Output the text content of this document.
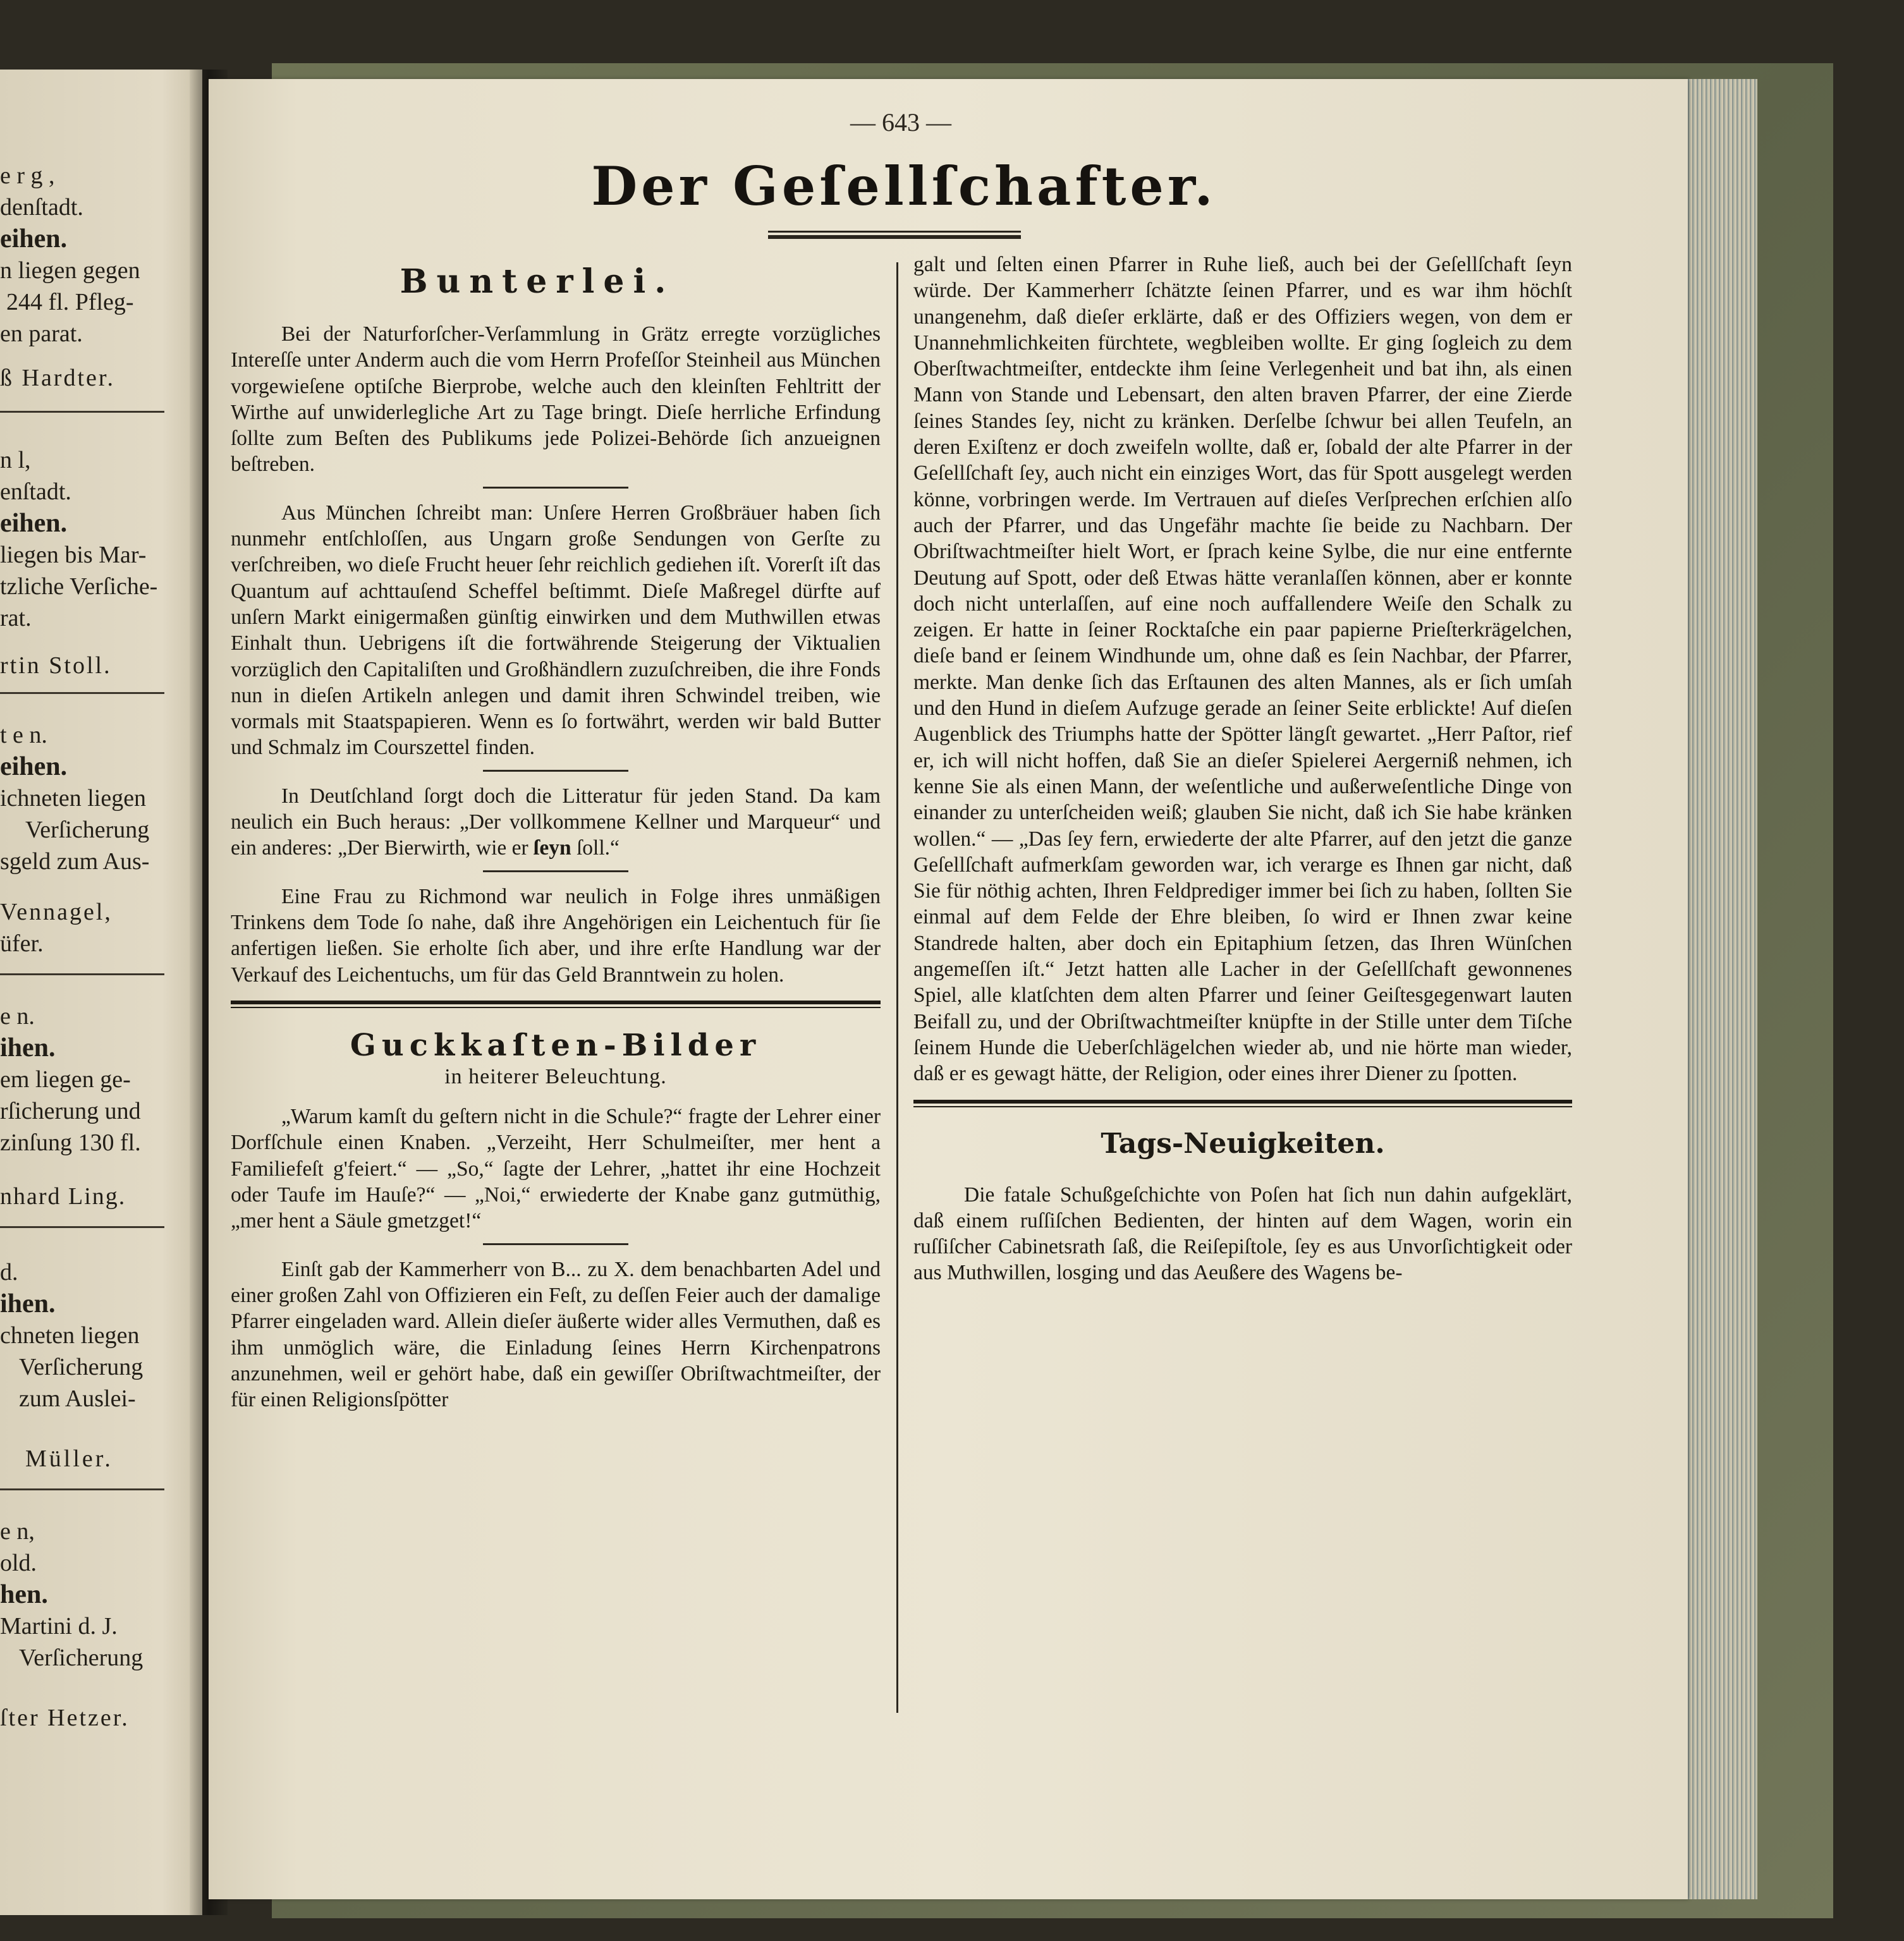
e r g ,
denſtadt.
eihen.
n liegen gegen
244 fl. Pfleg-
en parat.
ß Hardter.
n l,
enſtadt.
eihen.
liegen bis Mar-
tzliche Verſiche-
rat.
rtin Stoll.
t e n.
eihen.
ichneten liegen
Verſicherung
sgeld zum Aus-
Vennagel,
üfer.
e n.
ihen.
em liegen ge-
rſicherung und
zinſung 130 fl.
nhard Ling.
d.
ihen.
chneten liegen
Verſicherung
zum Auslei-
Müller.
e n,
old.
hen.
Martini d. J.
Verſicherung
ſter Hetzer.
— 643 —
Der Geſellſchafter.
Bunterlei.

Bei der Naturforſcher-Verſammlung in Grätz erregte vorzügliches Intereſſe unter Anderm auch die vom Herrn Profeſſor Steinheil aus München vorgewieſene optiſche Bierprobe, welche auch den kleinſten Fehltritt der Wirthe auf unwiderlegliche Art zu Tage bringt. Dieſe herrliche Erfindung ſollte zum Beſten des Publikums jede Polizei-Behörde ſich anzueignen beſtreben.

Aus München ſchreibt man: Unſere Herren Großbräuer haben ſich nunmehr entſchloſſen, aus Ungarn große Sendungen von Gerſte zu verſchreiben, wo dieſe Frucht heuer ſehr reichlich gediehen iſt. Vorerſt iſt das Quantum auf achttauſend Scheffel beſtimmt. Dieſe Maßregel dürfte auf unſern Markt einigermaßen günſtig einwirken und dem Muthwillen etwas Einhalt thun. Uebrigens iſt die fortwährende Steigerung der Viktualien vorzüglich den Capitaliſten und Großhändlern zuzuſchreiben, die ihre Fonds nun in dieſen Artikeln anlegen und damit ihren Schwindel treiben, wie vormals mit Staatspapieren. Wenn es ſo fortwährt, werden wir bald Butter und Schmalz im Courszettel finden.

In Deutſchland ſorgt doch die Litteratur für jeden Stand. Da kam neulich ein Buch heraus: „Der vollkommene Kellner und Marqueur“ und ein anderes: „Der Bierwirth, wie er ſeyn ſoll.“

Eine Frau zu Richmond war neulich in Folge ihres unmäßigen Trinkens dem Tode ſo nahe, daß ihre Angehörigen ein Leichentuch für ſie anfertigen ließen. Sie erholte ſich aber, und ihre erſte Handlung war der Verkauf des Leichentuchs, um für das Geld Branntwein zu holen.

Guckkaſten-Bilder
in heiterer Beleuchtung.

„Warum kamſt du geſtern nicht in die Schule?“ fragte der Lehrer einer Dorfſchule einen Knaben. „Verzeiht, Herr Schulmeiſter, mer hent a Familiefeſt g'feiert.“ — „So,“ ſagte der Lehrer, „hattet ihr eine Hochzeit oder Taufe im Hauſe?“ — „Noi,“ erwiederte der Knabe ganz gutmüthig, „mer hent a Säule gmetzget!“

Einſt gab der Kammerherr von B... zu X. dem benachbarten Adel und einer großen Zahl von Offizieren ein Feſt, zu deſſen Feier auch der damalige Pfarrer eingeladen ward. Allein dieſer äußerte wider alles Vermuthen, daß es ihm unmöglich wäre, die Einladung ſeines Herrn Kirchenpatrons anzunehmen, weil er gehört habe, daß ein gewiſſer Obriſtwachtmeiſter, der für einen Religionsſpötter

galt und ſelten einen Pfarrer in Ruhe ließ, auch bei der Geſellſchaft ſeyn würde. Der Kammerherr ſchätzte ſeinen Pfarrer, und es war ihm höchſt unangenehm, daß dieſer erklärte, daß er des Offiziers wegen, von dem er Unannehmlichkeiten fürchtete, wegbleiben wollte. Er ging ſogleich zu dem Oberſtwachtmeiſter, entdeckte ihm ſeine Verlegenheit und bat ihn, als einen Mann von Stande und Lebensart, den alten braven Pfarrer, der eine Zierde ſeines Standes ſey, nicht zu kränken. Derſelbe ſchwur bei allen Teufeln, an deren Exiſtenz er doch zweifeln wollte, daß er, ſobald der alte Pfarrer in der Geſellſchaft ſey, auch nicht ein einziges Wort, das für Spott ausgelegt werden könne, vorbringen werde. Im Vertrauen auf dieſes Verſprechen erſchien alſo auch der Pfarrer, und das Ungefähr machte ſie beide zu Nachbarn. Der Obriſtwachtmeiſter hielt Wort, er ſprach keine Sylbe, die nur eine entfernte Deutung auf Spott, oder deß Etwas hätte veranlaſſen können, aber er konnte doch nicht unterlaſſen, auf eine noch auffallendere Weiſe den Schalk zu zeigen. Er hatte in ſeiner Rocktaſche ein paar papierne Prieſterkrägelchen, dieſe band er ſeinem Windhunde um, ohne daß es ſein Nachbar, der Pfarrer, merkte. Man denke ſich das Erſtaunen des alten Mannes, als er ſich umſah und den Hund in dieſem Aufzuge gerade an ſeiner Seite erblickte! Auf dieſen Augenblick des Triumphs hatte der Spötter längſt gewartet. „Herr Paſtor, rief er, ich will nicht hoffen, daß Sie an dieſer Spielerei Aergerniß nehmen, ich kenne Sie als einen Mann, der weſentliche und außerweſentliche Dinge von einander zu unterſcheiden weiß; glauben Sie nicht, daß ich Sie habe kränken wollen.“ — „Das ſey fern, erwiederte der alte Pfarrer, auf den jetzt die ganze Geſellſchaft aufmerkſam geworden war, ich verarge es Ihnen gar nicht, daß Sie für nöthig achten, Ihren Feldprediger immer bei ſich zu haben, ſollten Sie einmal auf dem Felde der Ehre bleiben, ſo wird er Ihnen zwar keine Standrede halten, aber doch ein Epitaphium ſetzen, das Ihren Wünſchen angemeſſen iſt.“ Jetzt hatten alle Lacher in der Geſellſchaft gewonnenes Spiel, alle klatſchten dem alten Pfarrer und ſeiner Geiſtesgegenwart lauten Beifall zu, und der Obriſtwachtmeiſter knüpfte in der Stille unter dem Tiſche ſeinem Hunde die Ueberſchlägelchen wieder ab, und nie hörte man wieder, daß er es gewagt hätte, der Religion, oder eines ihrer Diener zu ſpotten.

Tags-Neuigkeiten.

Die fatale Schußgeſchichte von Poſen hat ſich nun dahin aufgeklärt, daß einem ruſſiſchen Bedienten, der hinten auf dem Wagen, worin ein ruſſiſcher Cabinetsrath ſaß, die Reiſepiſtole, ſey es aus Unvorſichtigkeit oder aus Muthwillen, losging und das Aeußere des Wagens be-
